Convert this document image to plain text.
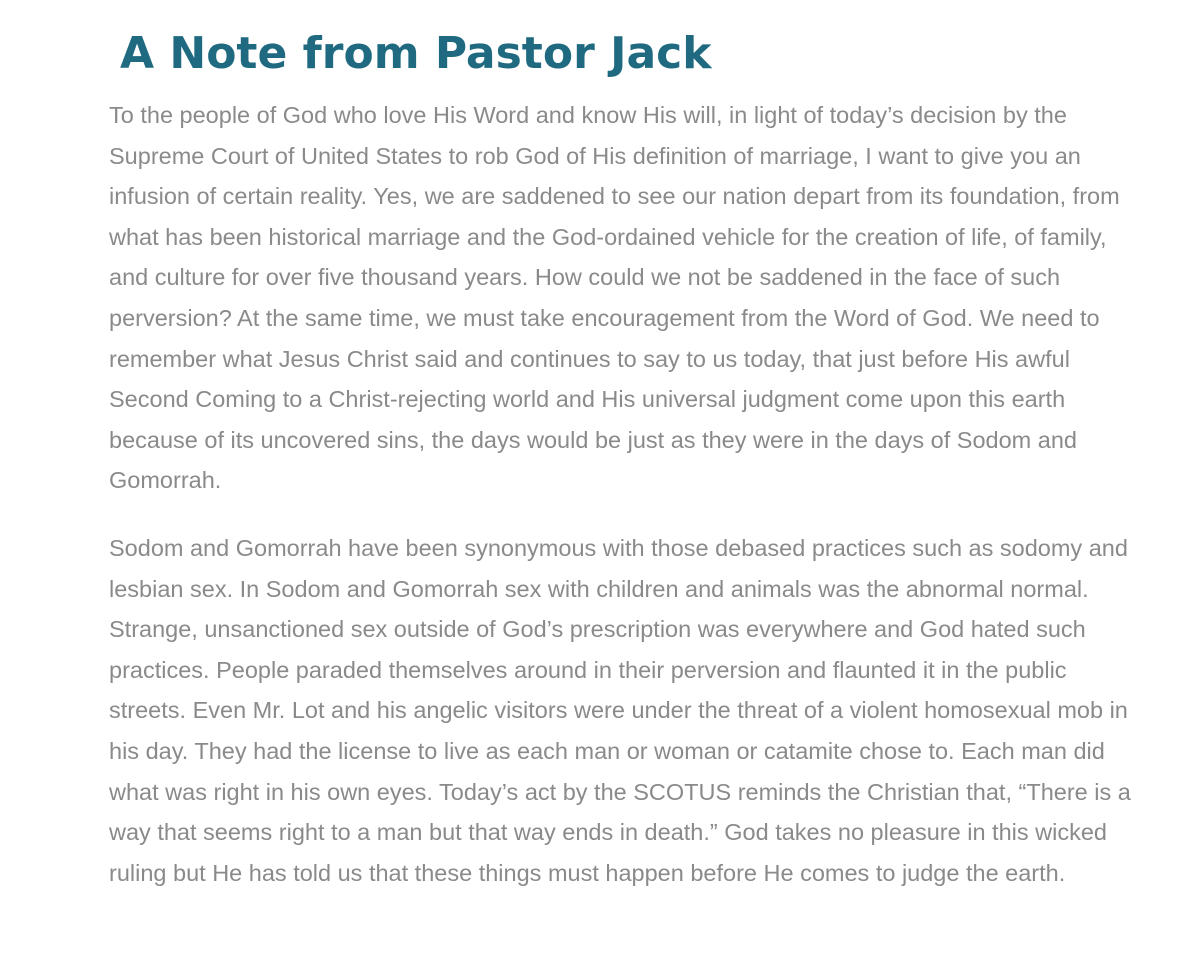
A Note from Pastor Jack

To the people of God who love His Word and know His will, in light of today’s decision by the Supreme Court of United States to rob God of His definition of marriage, I want to give you an infusion of certain reality. Yes, we are saddened to see our nation depart from its foundation, from what has been historical marriage and the God-ordained vehicle for the creation of life, of family, and culture for over five thousand years. How could we not be saddened in the face of such perversion? At the same time, we must take encouragement from the Word of God. We need to remember what Jesus Christ said and continues to say to us today, that just before His awful Second Coming to a Christ-rejecting world and His universal judgment come upon this earth because of its uncovered sins, the days would be just as they were in the days of Sodom and Gomorrah.

Sodom and Gomorrah have been synonymous with those debased practices such as sodomy and lesbian sex. In Sodom and Gomorrah sex with children and animals was the abnormal normal. Strange, unsanctioned sex outside of God’s prescription was everywhere and God hated such practices. People paraded themselves around in their perversion and flaunted it in the public streets. Even Mr. Lot and his angelic visitors were under the threat of a violent homosexual mob in his day. They had the license to live as each man or woman or catamite chose to. Each man did what was right in his own eyes. Today’s act by the SCOTUS reminds the Christian that, “There is a way that seems right to a man but that way ends in death.” God takes no pleasure in this wicked ruling but He has told us that these things must happen before He comes to judge the earth.
